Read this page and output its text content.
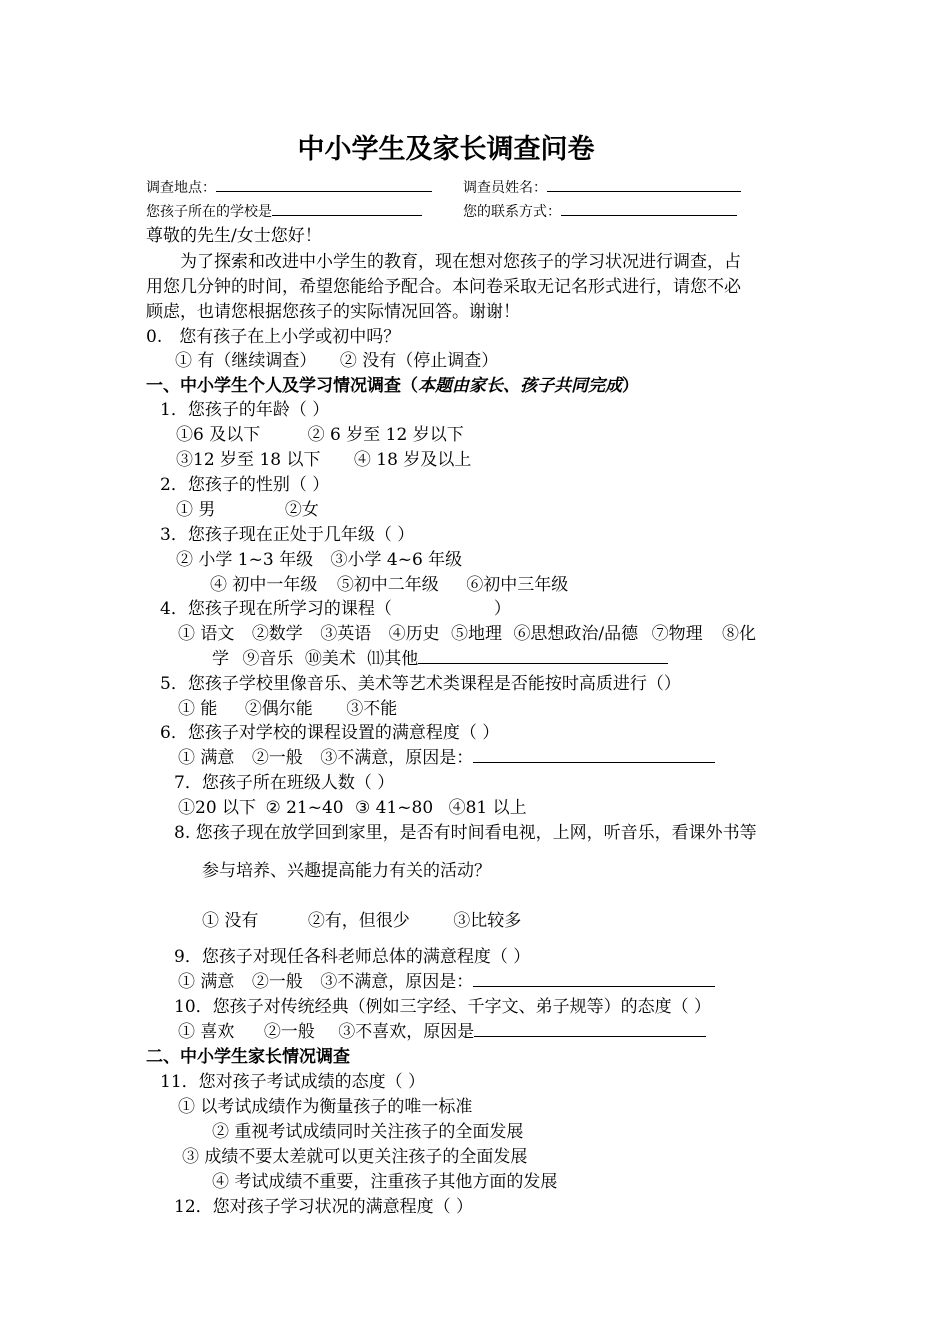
中小学生及家长调查问卷
调查地点：	调查员姓名：
您孩子所在的学校是	您的联系方式：
尊敬的先生/女士您好！
为了探索和改进中小学生的教育，现在想对您孩子的学习状况进行调查，占
用您几分钟的时间，希望您能给予配合。本问卷采取无记名形式进行，请您不必
顾虑，也请您根据您孩子的实际情况回答。谢谢！
0.　您有孩子在上小学或初中吗？
① 有（继续调查） ② 没有（停止调查）
一、中小学生个人及学习情况调查（本题由家长、孩子共同完成）
1．您孩子的年龄（ ）
①6 及以下	② 6 岁至 12 岁以下
③12 岁至 18 以下 ④ 18 岁及以上
2．您孩子的性别（ ）
① 男	②女
3．您孩子现在正处于几年级（ ）
② 小学 1~3 年级 ③小学 4~6 年级
④ 初中一年级 ⑤初中二年级 ⑥初中三年级
4．您孩子现在所学习的课程（　　　　　　）
① 语文 ②数学 ③英语 ④历史 ⑤地理 ⑥思想政治/品德 ⑦物理 ⑧化
学 ⑨音乐 ⑩美术 ⑾其他
5．您孩子学校里像音乐、美术等艺术类课程是否能按时高质进行（）
① 能 ②偶尔能 ③不能
6．您孩子对学校的课程设置的满意程度（ ）
① 满意 ②一般 ③不满意，原因是：
7．您孩子所在班级人数（ ）
①20 以下 ② 21~40 ③ 41~80 ④81 以上
8. 您孩子现在放学回到家里，是否有时间看电视，上网，听音乐，看课外书等
参与培养、兴趣提高能力有关的活动？
① 没有	②有，但很少	③比较多
9．您孩子对现任各科老师总体的满意程度（ ）
① 满意 ②一般 ③不满意，原因是：
10．您孩子对传统经典（例如三字经、千字文、弟子规等）的态度（ ）
① 喜欢 ②一般 ③不喜欢，原因是
二、中小学生家长情况调查
11．您对孩子考试成绩的态度（ ）
① 以考试成绩作为衡量孩子的唯一标准
② 重视考试成绩同时关注孩子的全面发展
③ 成绩不要太差就可以更关注孩子的全面发展
④ 考试成绩不重要，注重孩子其他方面的发展
12．您对孩子学习状况的满意程度（ ）
